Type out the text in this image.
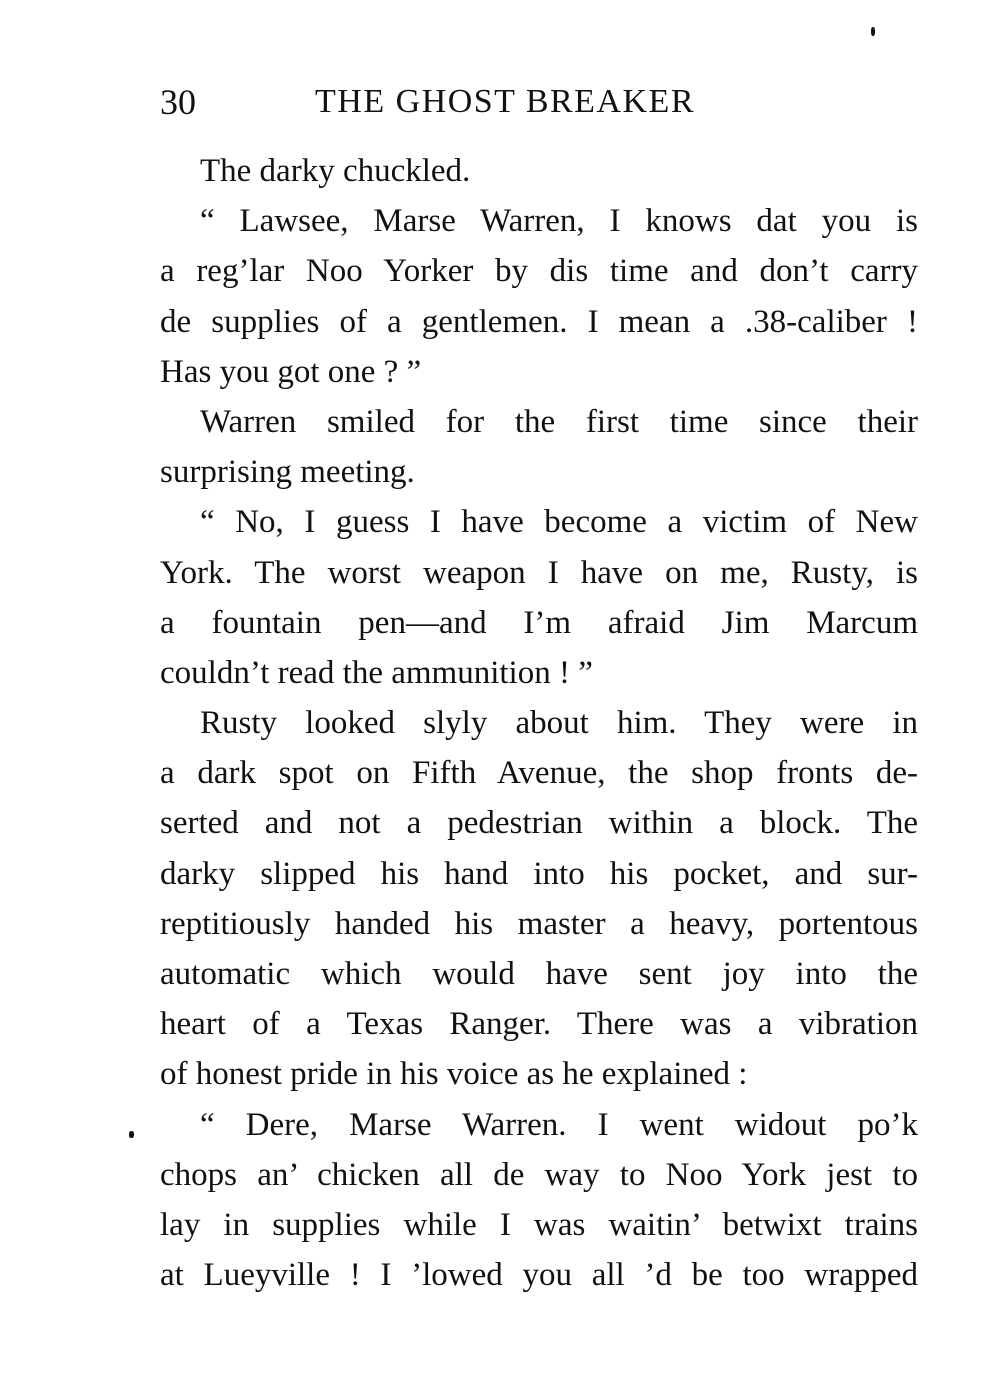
30	THE GHOST BREAKER
The darky chuckled.
“ Lawsee, Marse Warren, I knows dat you is
a reg’lar Noo Yorker by dis time and don’t carry
de supplies of a gentlemen. I mean a .38-caliber !
Has you got one ? ”
Warren smiled for the first time since their
surprising meeting.
“ No, I guess I have become a victim of New
York. The worst weapon I have on me, Rusty, is
a fountain pen—and I’m afraid Jim Marcum
couldn’t read the ammunition ! ”
Rusty looked slyly about him. They were in
a dark spot on Fifth Avenue, the shop fronts de-
serted and not a pedestrian within a block. The
darky slipped his hand into his pocket, and sur-
reptitiously handed his master a heavy, portentous
automatic which would have sent joy into the
heart of a Texas Ranger. There was a vibration
of honest pride in his voice as he explained :
“ Dere, Marse Warren. I went widout po’k
chops an’ chicken all de way to Noo York jest to
lay in supplies while I was waitin’ betwixt trains
at Lueyville ! I ’lowed you all ’d be too wrapped
